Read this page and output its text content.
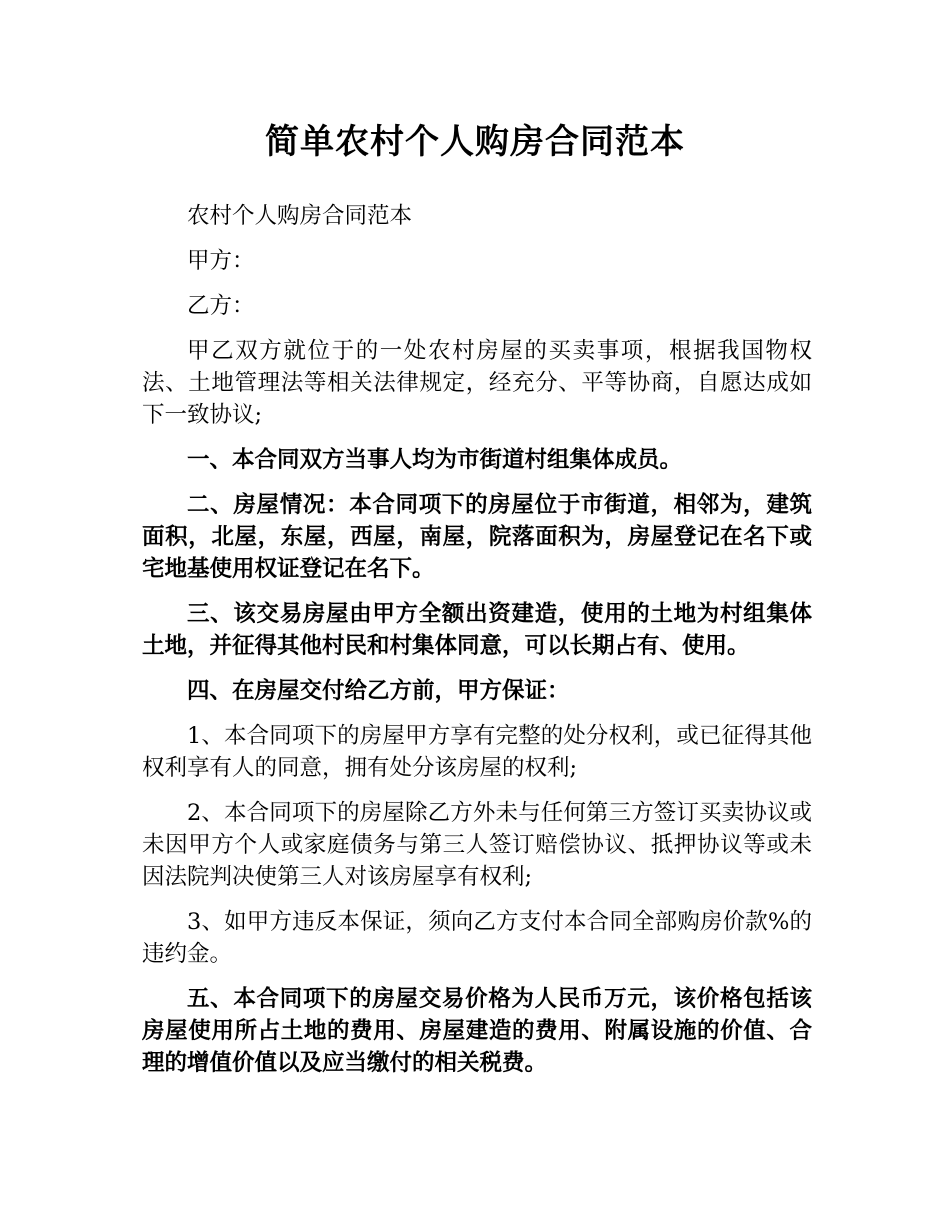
简单农村个人购房合同范本

农村个人购房合同范本

甲方：

乙方：

甲乙双方就位于的一处农村房屋的买卖事项，根据我国物权法、土地管理法等相关法律规定，经充分、平等协商，自愿达成如下一致协议;

一、本合同双方当事人均为市街道村组集体成员。

二、房屋情况：本合同项下的房屋位于市街道，相邻为，建筑面积，北屋，东屋，西屋，南屋，院落面积为，房屋登记在名下或宅地基使用权证登记在名下。

三、该交易房屋由甲方全额出资建造，使用的土地为村组集体土地，并征得其他村民和村集体同意，可以长期占有、使用。

四、在房屋交付给乙方前，甲方保证：

1、本合同项下的房屋甲方享有完整的处分权利，或已征得其他权利享有人的同意，拥有处分该房屋的权利;

2、本合同项下的房屋除乙方外未与任何第三方签订买卖协议或未因甲方个人或家庭债务与第三人签订赔偿协议、抵押协议等或未因法院判决使第三人对该房屋享有权利;

3、如甲方违反本保证，须向乙方支付本合同全部购房价款%的违约金。

五、本合同项下的房屋交易价格为人民币万元，该价格包括该房屋使用所占土地的费用、房屋建造的费用、附属设施的价值、合理的增值价值以及应当缴付的相关税费。
